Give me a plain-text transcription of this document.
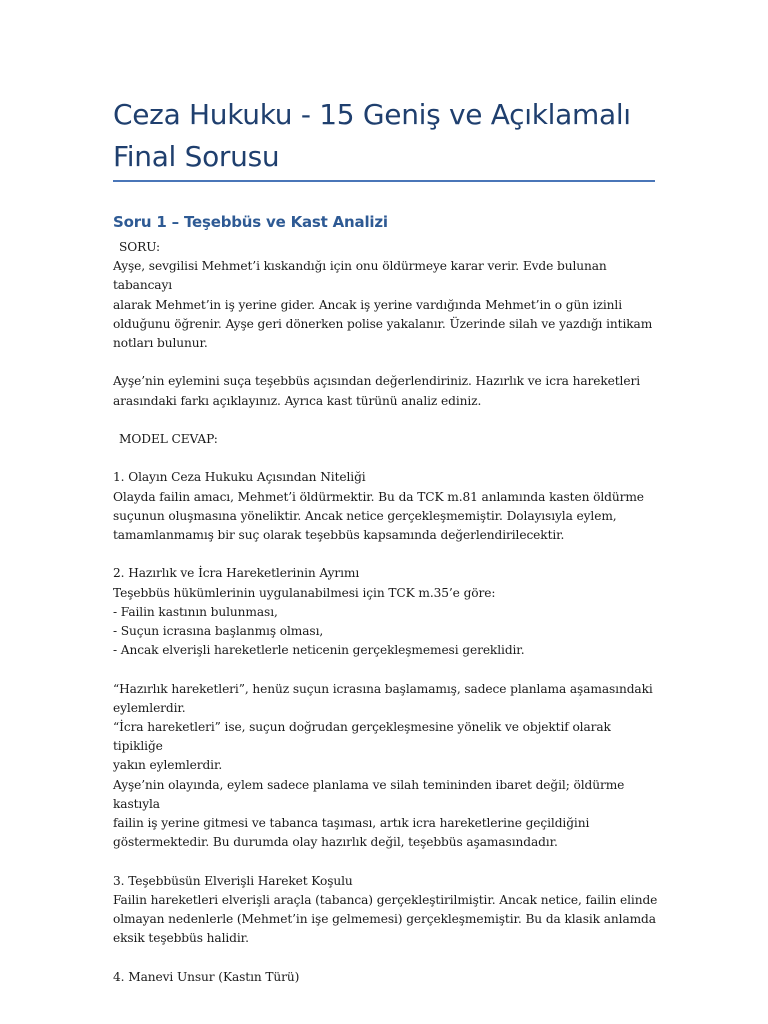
Ceza Hukuku - 15 Geniş ve Açıklamalı Final Sorusu
Soru 1 – Teşebbüs ve Kast Analizi

SORU:

Ayşe, sevgilisi Mehmet’i kıskandığı için onu öldürmeye karar verir. Evde bulunan tabancayı

alarak Mehmet’in iş yerine gider. Ancak iş yerine vardığında Mehmet’in o gün izinli

olduğunu öğrenir. Ayşe geri dönerken polise yakalanır. Üzerinde silah ve yazdığı intikam

notları bulunur.

Ayşe’nin eylemini suça teşebbüs açısından değerlendiriniz. Hazırlık ve icra hareketleri

arasındaki farkı açıklayınız. Ayrıca kast türünü analiz ediniz.

MODEL CEVAP:

1. Olayın Ceza Hukuku Açısından Niteliği

Olayda failin amacı, Mehmet’i öldürmektir. Bu da TCK m.81 anlamında kasten öldürme

suçunun oluşmasına yöneliktir. Ancak netice gerçekleşmemiştir. Dolayısıyla eylem,

tamamlanmamış bir suç olarak teşebbüs kapsamında değerlendirilecektir.

2. Hazırlık ve İcra Hareketlerinin Ayrımı

Teşebbüs hükümlerinin uygulanabilmesi için TCK m.35’e göre:

- Failin kastının bulunması,

- Suçun icrasına başlanmış olması,

- Ancak elverişli hareketlerle neticenin gerçekleşmemesi gereklidir.

“Hazırlık hareketleri”, henüz suçun icrasına başlamamış, sadece planlama aşamasındaki

eylemlerdir.

“İcra hareketleri” ise, suçun doğrudan gerçekleşmesine yönelik ve objektif olarak tipikliğe

yakın eylemlerdir.

Ayşe’nin olayında, eylem sadece planlama ve silah temininden ibaret değil; öldürme kastıyla

failin iş yerine gitmesi ve tabanca taşıması, artık icra hareketlerine geçildiğini

göstermektedir. Bu durumda olay hazırlık değil, teşebbüs aşamasındadır.

3. Teşebbüsün Elverişli Hareket Koşulu

Failin hareketleri elverişli araçla (tabanca) gerçekleştirilmiştir. Ancak netice, failin elinde

olmayan nedenlerle (Mehmet’in işe gelmemesi) gerçekleşmemiştir. Bu da klasik anlamda

eksik teşebbüs halidir.

4. Manevi Unsur (Kastın Türü)
